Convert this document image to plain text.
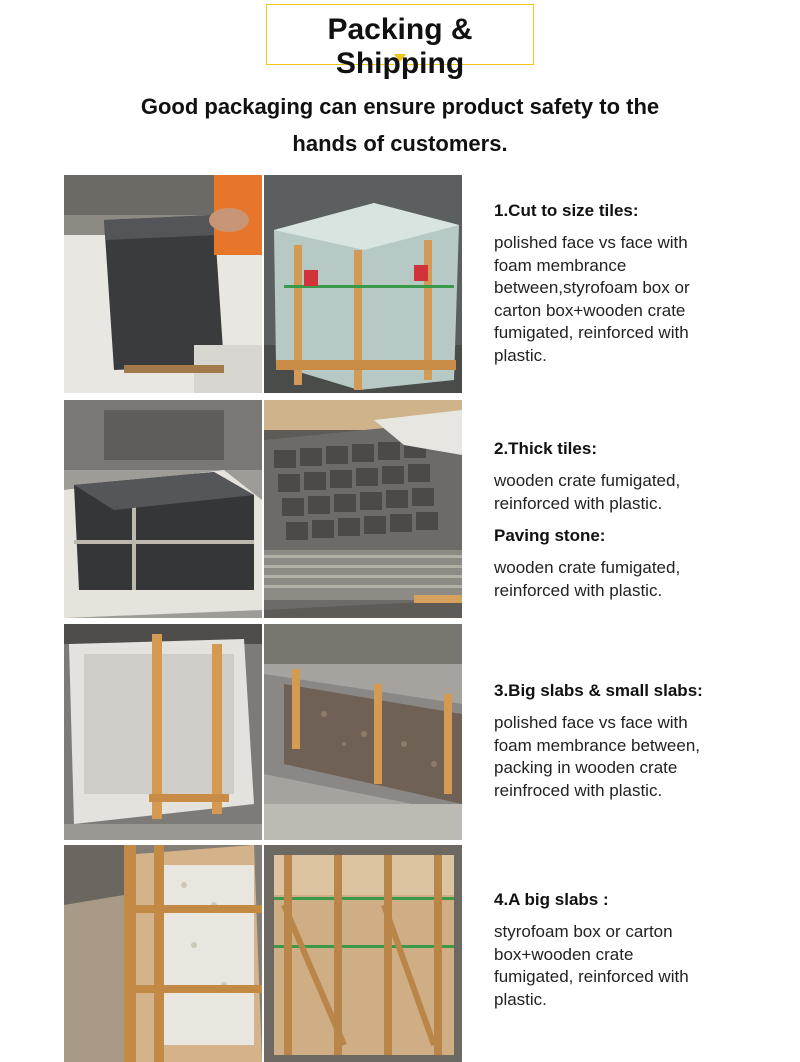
Packing & Shipping
Good packaging can ensure product safety to the
hands of customers.
1.Cut to size tiles:
polished face vs face with
foam membrance
between,styrofoam box or
carton box+wooden crate
fumigated, reinforced with
plastic.
2.Thick tiles:
wooden crate fumigated,
reinforced with plastic.
Paving stone:
wooden crate fumigated,
reinforced with plastic.
3.Big slabs & small slabs:
polished face vs face with
foam membrance between,
packing in wooden crate
reinfroced with plastic.
4.A big slabs :
styrofoam box or carton
box+wooden crate
fumigated, reinforced with
plastic.
